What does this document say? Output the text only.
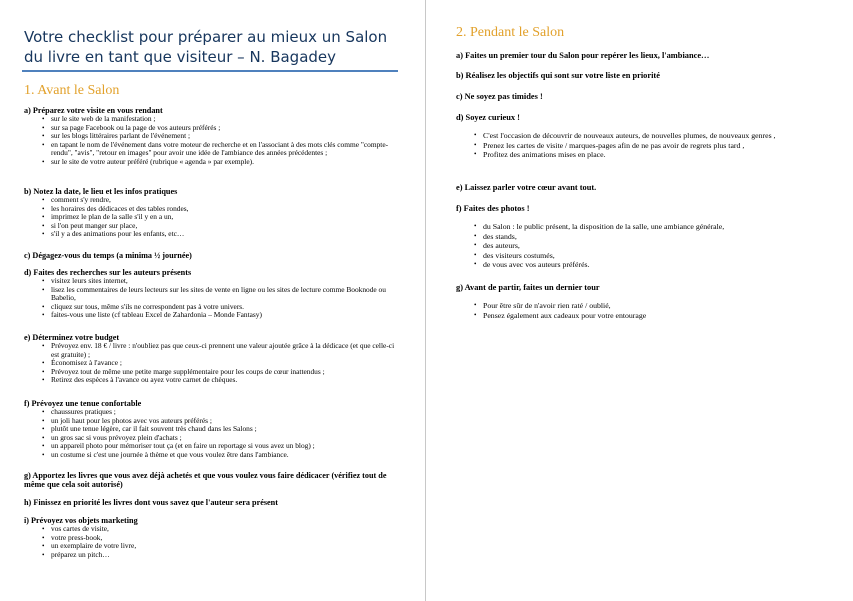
Votre checklist pour préparer au mieux un Salon du livre en tant que visiteur – N. Bagadey
1. Avant le Salon
a) Préparez votre visite en vous rendant
• sur le site web de la manifestation ;
• sur sa page Facebook ou la page de vos auteurs préférés ;
• sur les blogs littéraires parlant de l'événement ;
• en tapant le nom de l'événement dans votre moteur de recherche et en l'associant à des mots clés comme "compte-rendu", "avis", "retour en images" pour avoir une idée de l'ambiance des années précédentes ;
• sur le site de votre auteur préféré (rubrique « agenda » par exemple).
b) Notez la date, le lieu et les infos pratiques
• comment s'y rendre,
• les horaires des dédicaces et des tables rondes,
• imprimez le plan de la salle s'il y en a un,
• si l'on peut manger sur place,
• s'il y a des animations pour les enfants, etc…
c) Dégagez-vous du temps (a minima ½ journée)
d) Faites des recherches sur les auteurs présents
• visitez leurs sites internet,
• lisez les commentaires de leurs lecteurs sur les sites de vente en ligne ou les sites de lecture comme Booknode ou Babelio,
• cliquez sur tous, même s'ils ne correspondent pas à votre univers.
• faites-vous une liste (cf tableau Excel de Zahardonia – Monde Fantasy)
e) Déterminez votre budget
• Prévoyez env. 18 € / livre : n'oubliez pas que ceux-ci prennent une valeur ajoutée grâce à la dédicace (et que celle-ci est gratuite) ;
• Économisez à l'avance ;
• Prévoyez tout de même une petite marge supplémentaire pour les coups de cœur inattendus ;
• Retirez des espèces à l'avance ou ayez votre carnet de chèques.
f) Prévoyez une tenue confortable
• chaussures pratiques ;
• un joli haut pour les photos avec vos auteurs préférés ;
• plutôt une tenue légère, car il fait souvent très chaud dans les Salons ;
• un gros sac si vous prévoyez plein d'achats ;
• un appareil photo pour mémoriser tout ça (et en faire un reportage si vous avez un blog) ;
• un costume si c'est une journée à thème et que vous voulez être dans l'ambiance.
g) Apportez les livres que vous avez déjà achetés et que vous voulez vous faire dédicacer (vérifiez tout de même que cela soit autorisé)
h) Finissez en priorité les livres dont vous savez que l'auteur sera présent
i) Prévoyez vos objets marketing
• vos cartes de visite,
• votre press-book,
• un exemplaire de votre livre,
• préparez un pitch…
2. Pendant le Salon
a) Faites un premier tour du Salon pour repérer les lieux, l'ambiance…
b) Réalisez les objectifs qui sont sur votre liste en priorité
c) Ne soyez pas timides !
d) Soyez curieux !
• C'est l'occasion de découvrir de nouveaux auteurs, de nouvelles plumes, de nouveaux genres ,
• Prenez les cartes de visite / marques-pages afin de ne pas avoir de regrets plus tard ,
• Profitez des animations mises en place.
e) Laissez parler votre cœur avant tout.
f) Faites des photos !
• du Salon : le public présent, la disposition de la salle, une ambiance générale,
• des stands,
• des auteurs,
• des visiteurs costumés,
• de vous avec vos auteurs préférés.
g) Avant de partir, faites un dernier tour
• Pour être sûr de n'avoir rien raté / oublié,
• Pensez également aux cadeaux pour votre entourage
